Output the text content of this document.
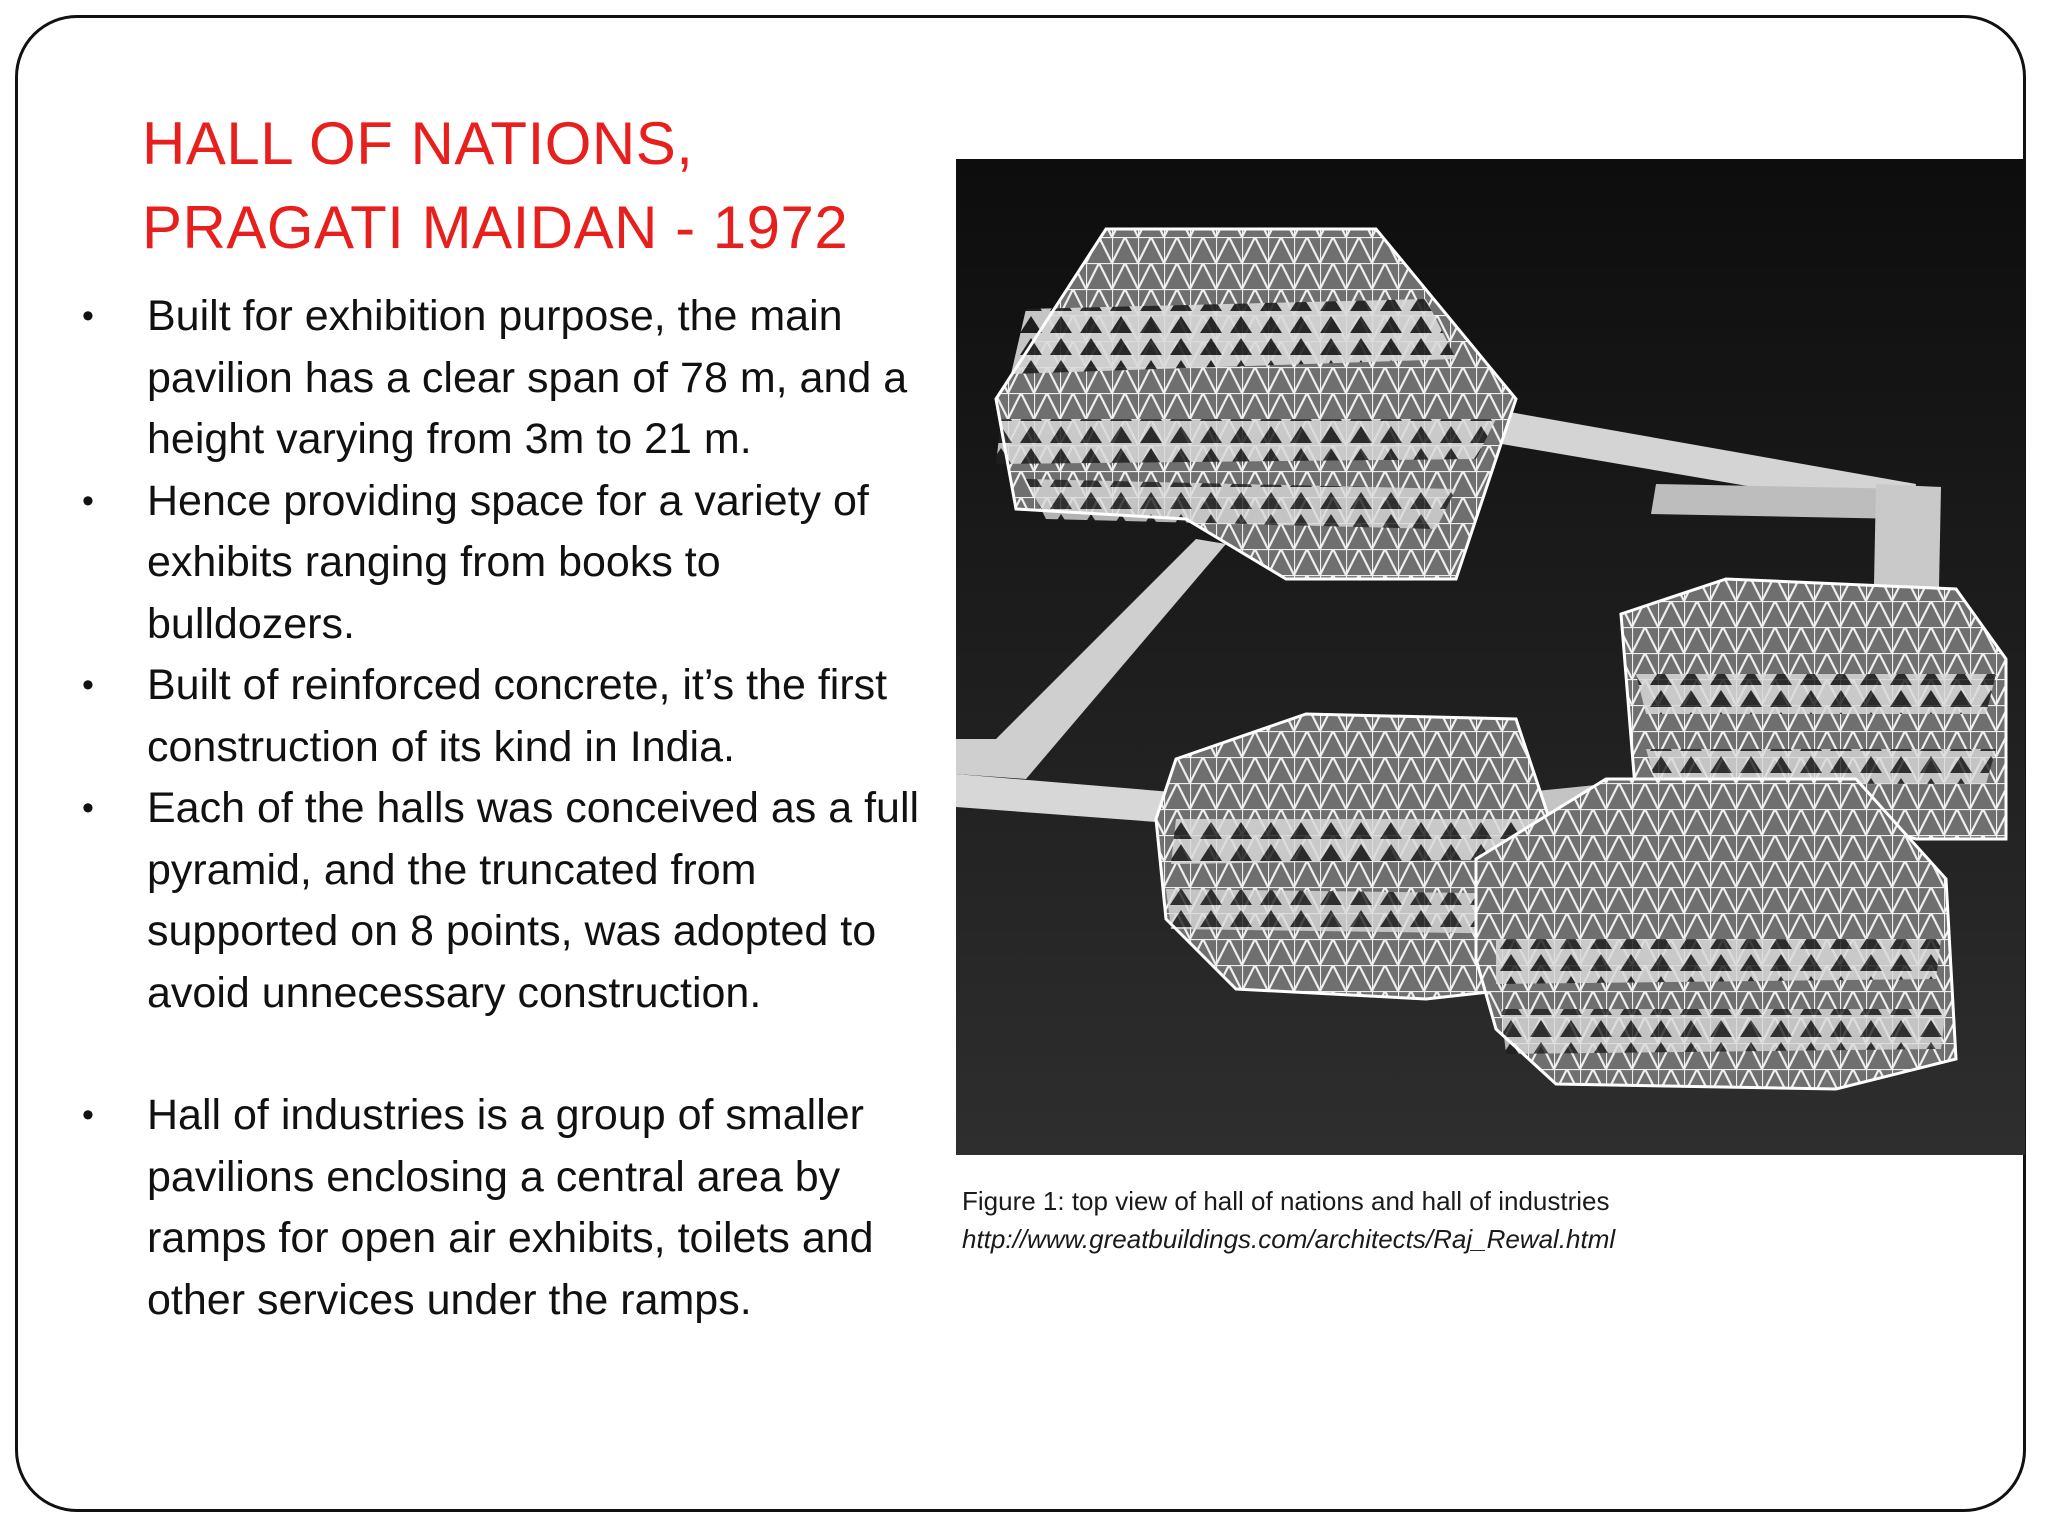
HALL OF NATIONS,
PRAGATI MAIDAN - 1972
• Built for exhibition purpose, the main pavilion has a clear span of 78 m, and a height varying from 3m to 21 m.
• Hence providing space for a variety of exhibits ranging from books to bulldozers.
• Built of reinforced concrete, it’s the first construction of its kind in India.
• Each of the halls was conceived as a full pyramid, and the truncated from supported on 8 points, was adopted to avoid unnecessary construction.
• Hall of industries is a group of smaller pavilions enclosing a central area by ramps for open air exhibits, toilets and other services under the ramps.
Figure 1: top view of hall of nations and hall of industries
http://www.greatbuildings.com/architects/Raj_Rewal.html
